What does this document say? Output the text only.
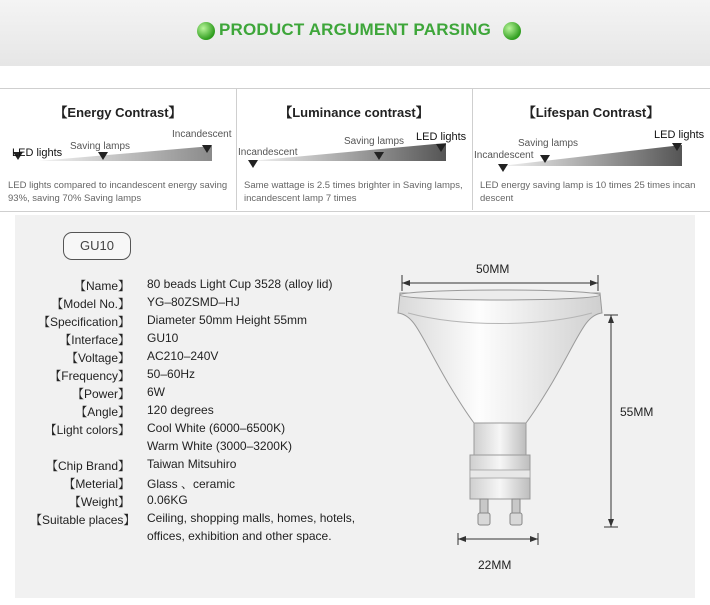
PRODUCT ARGUMENT PARSING
【Energy Contrast】
LED lights
Saving lamps
Incandescent
LED lights compared to incandescent energy saving
93%, saving 70% Saving lamps
【Luminance contrast】
Incandescent
Saving lamps LED lights
Same wattage is 2.5 times brighter in Saving lamps,
incandescent lamp 7 times
【Lifespan Contrast】
Incandescent
Saving lamps
LED lights
LED energy saving lamp is 10 times 25 times incan
descent
GU10
【Name】 80 beads Light Cup 3528 (alloy lid)
【Model No.】 YG–80ZSMD–HJ
【Specification】 Diameter 50mm Height 55mm
【Interface】 GU10
【Voltage】 AC210–240V
【Frequency】 50–60Hz
【Power】 6W
【Angle】 120 degrees
【Light colors】 Cool White (6000–6500K)
Warm White (3000–3200K)
【Chip Brand】 Taiwan Mitsuhiro
【Meterial】 Glass 、ceramic
【Weight】 0.06KG
【Suitable places】 Ceiling, shopping malls, homes, hotels,
offices, exhibition and other space.
50MM
55MM
22MM
